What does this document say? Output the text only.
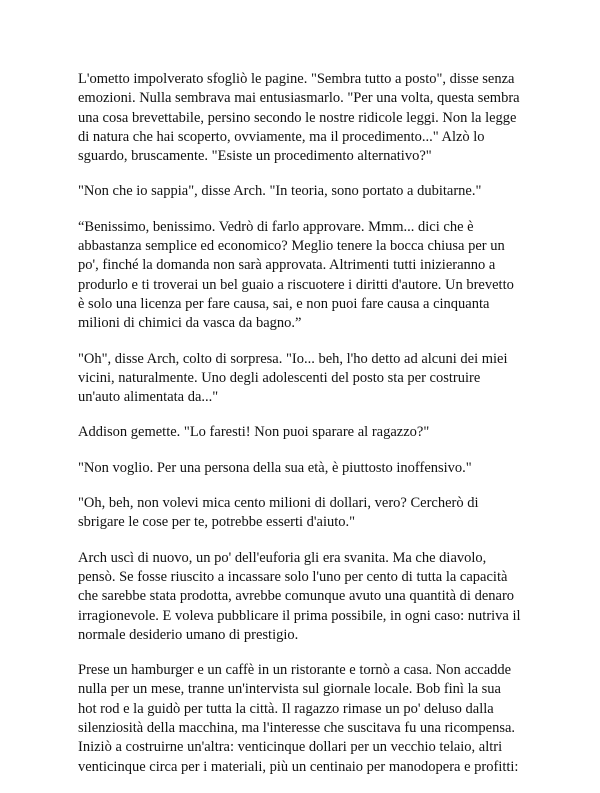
L'ometto impolverato sfogliò le pagine. "Sembra tutto a posto", disse senza emozioni. Nulla sembrava mai entusiasmarlo. "Per una volta, questa sembra una cosa brevettabile, persino secondo le nostre ridicole leggi. Non la legge di natura che hai scoperto, ovviamente, ma il procedimento..." Alzò lo sguardo, bruscamente. "Esiste un procedimento alternativo?"

"Non che io sappia", disse Arch. "In teoria, sono portato a dubitarne."

“Benissimo, benissimo. Vedrò di farlo approvare. Mmm... dici che è abbastanza semplice ed economico? Meglio tenere la bocca chiusa per un po', finché la domanda non sarà approvata. Altrimenti tutti inizieranno a produrlo e ti troverai un bel guaio a riscuotere i diritti d'autore. Un brevetto è solo una licenza per fare causa, sai, e non puoi fare causa a cinquanta milioni di chimici da vasca da bagno.”

"Oh", disse Arch, colto di sorpresa. "Io... beh, l'ho detto ad alcuni dei miei vicini, naturalmente. Uno degli adolescenti del posto sta per costruire un'auto alimentata da..."

Addison gemette. "Lo faresti! Non puoi sparare al ragazzo?"

"Non voglio. Per una persona della sua età, è piuttosto inoffensivo."

"Oh, beh, non volevi mica cento milioni di dollari, vero? Cercherò di sbrigare le cose per te, potrebbe esserti d'aiuto."

Arch uscì di nuovo, un po' dell'euforia gli era svanita. Ma che diavolo, pensò. Se fosse riuscito a incassare solo l'uno per cento di tutta la capacità che sarebbe stata prodotta, avrebbe comunque avuto una quantità di denaro irragionevole. E voleva pubblicare il prima possibile, in ogni caso: nutriva il normale desiderio umano di prestigio.

Prese un hamburger e un caffè in un ristorante e tornò a casa. Non accadde nulla per un mese, tranne un'intervista sul giornale locale. Bob finì la sua hot rod e la guidò per tutta la città. Il ragazzo rimase un po' deluso dalla silenziosità della macchina, ma l'interesse che suscitava fu una ricompensa. Iniziò a costruirne un'altra: venticinque dollari per un vecchio telaio, altri venticinque circa per i materiali, più un centinaio per manodopera e profitti:
